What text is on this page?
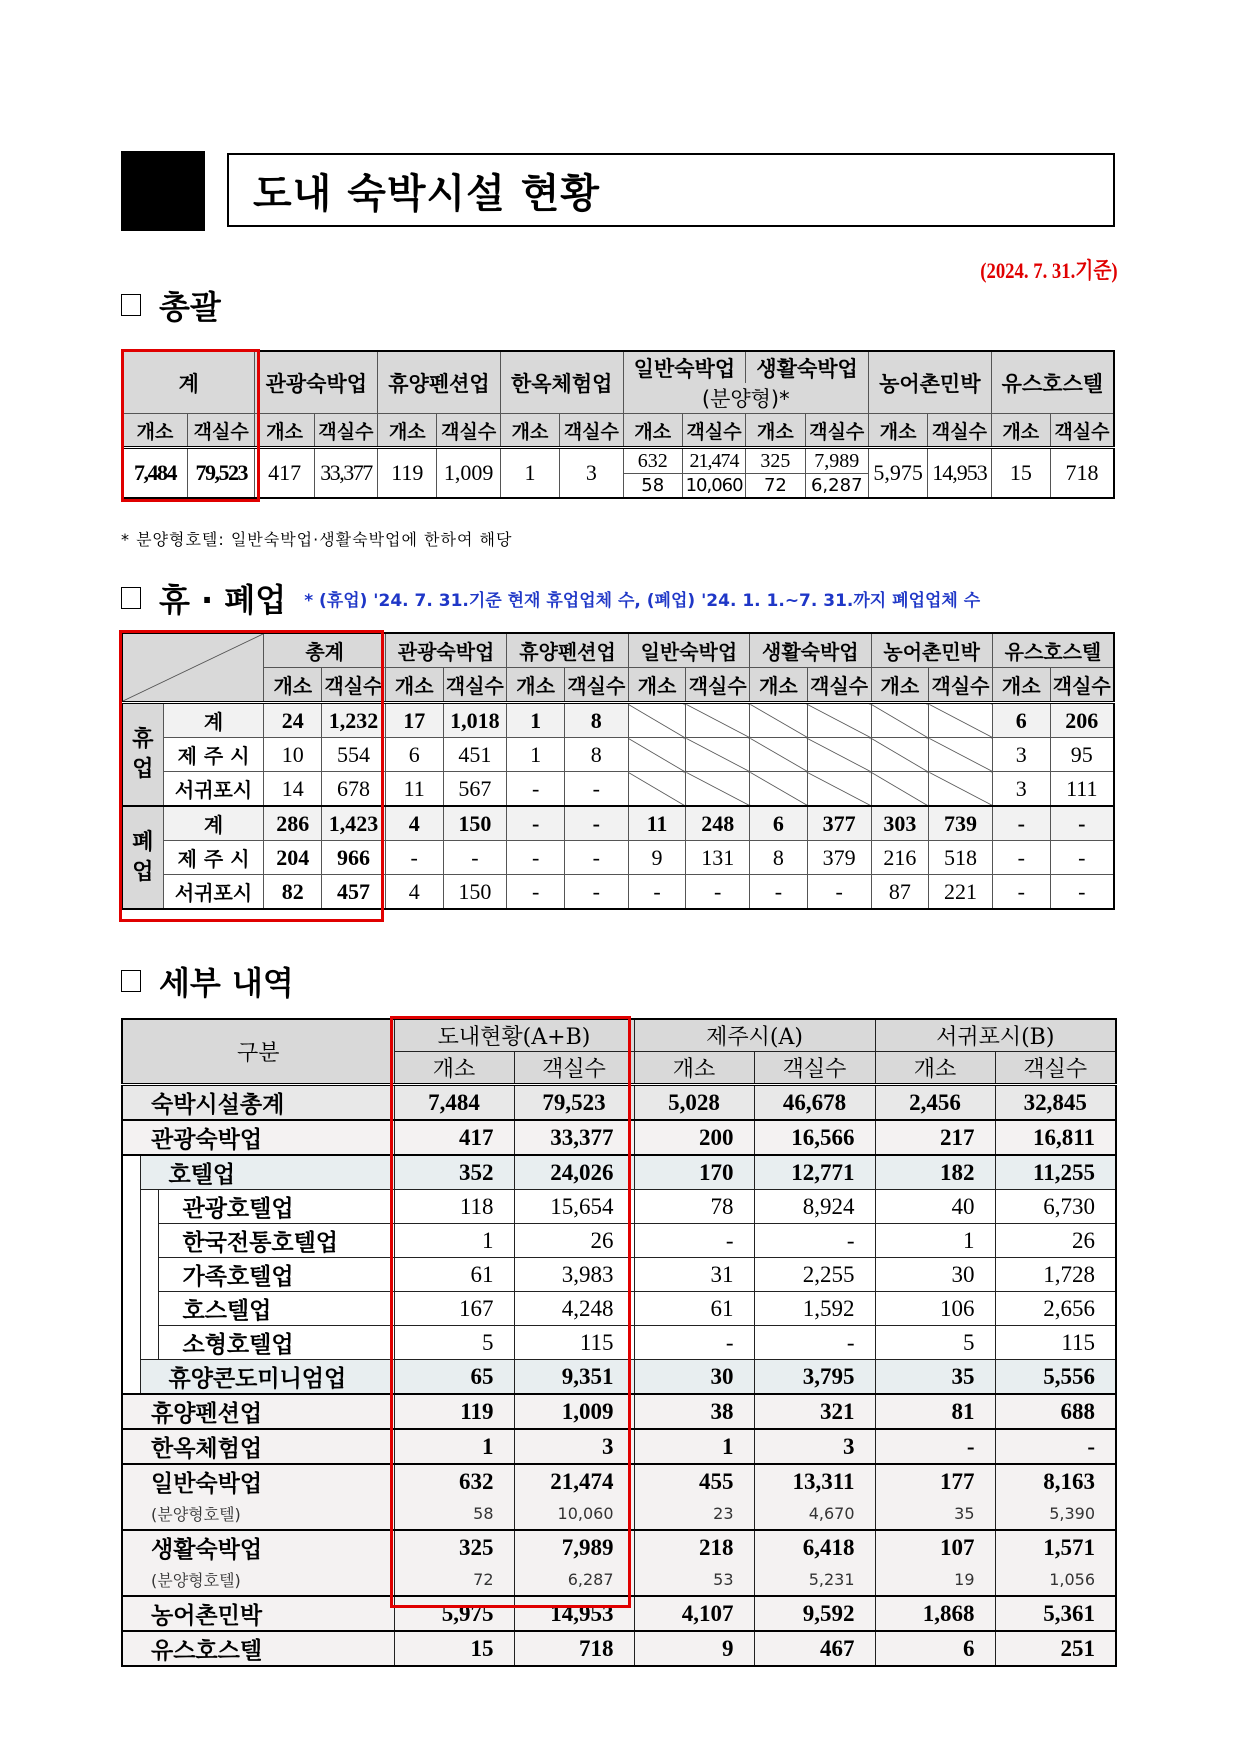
도내 숙박시설 현황
(2024. 7. 31.기준)
총괄
계		관광숙박업		휴양펜션업		한옥체험업		일반숙박업		생활숙박업		농어촌민박		유스호스텔	
								(분양형)*							
개소	객실수	개소	객실수	개소	객실수	개소	객실수	개소	객실수	개소	객실수	개소	객실수	개소	객실수
7,484	79,523	417	33,377	119	1,009	1	3	632	21,474	325	7,989	5,975	14,953	15	718
								58	10,060	72	6,287				
* 분양형호텔: 일반숙박업·생활숙박업에 한하여 해당
휴 · 폐업 * (휴업) '24. 7. 31.기준 현재 휴업업체 수, (폐업) '24. 1. 1.~7. 31.까지 폐업업체 수
		총계		관광숙박업		휴양펜션업		일반숙박업		생활숙박업		농어촌민박		유스호스텔	
		개소	객실수	개소	객실수	개소	객실수	개소	객실수	개소	객실수	개소	객실수	개소	객실수
휴업	계	24	1,232	17	1,018	1	8							6	206
	제 주 시	10	554	6	451	1	8							3	95
	서귀포시	14	678	11	567	-	-							3	111
폐업	계	286	1,423	4	150	-	-	11	248	6	377	303	739	-	-
	제 주 시	204	966	-	-	-	-	9	131	8	379	216	518	-	-
	서귀포시	82	457	4	150	-	-	-	-	-	-	87	221	-	-
세부 내역
구분			도내현황(A+B)		제주시(A)		서귀포시(B)	
			개소	객실수	개소	객실수	개소	객실수
숙박시설총계			7,484	79,523	5,028	46,678	2,456	32,845
관광숙박업			417	33,377	200	16,566	217	16,811
	호텔업		352	24,026	170	12,771	182	11,255
		관광호텔업	118	15,654	78	8,924	40	6,730
		한국전통호텔업	1	26	-	-	1	26
		가족호텔업	61	3,983	31	2,255	30	1,728
		호스텔업	167	4,248	61	1,592	106	2,656
		소형호텔업	5	115	-	-	5	115
	휴양콘도미니엄업		65	9,351	30	3,795	35	5,556
휴양펜션업			119	1,009	38	321	81	688
한옥체험업			1	3	1	3	-	-
일반숙박업			632	21,474	455	13,311	177	8,163
(분양형호텔)			58	10,060	23	4,670	35	5,390
생활숙박업			325	7,989	218	6,418	107	1,571
(분양형호텔)			72	6,287	53	5,231	19	1,056
농어촌민박			5,975	14,953	4,107	9,592	1,868	5,361
유스호스텔			15	718	9	467	6	251
